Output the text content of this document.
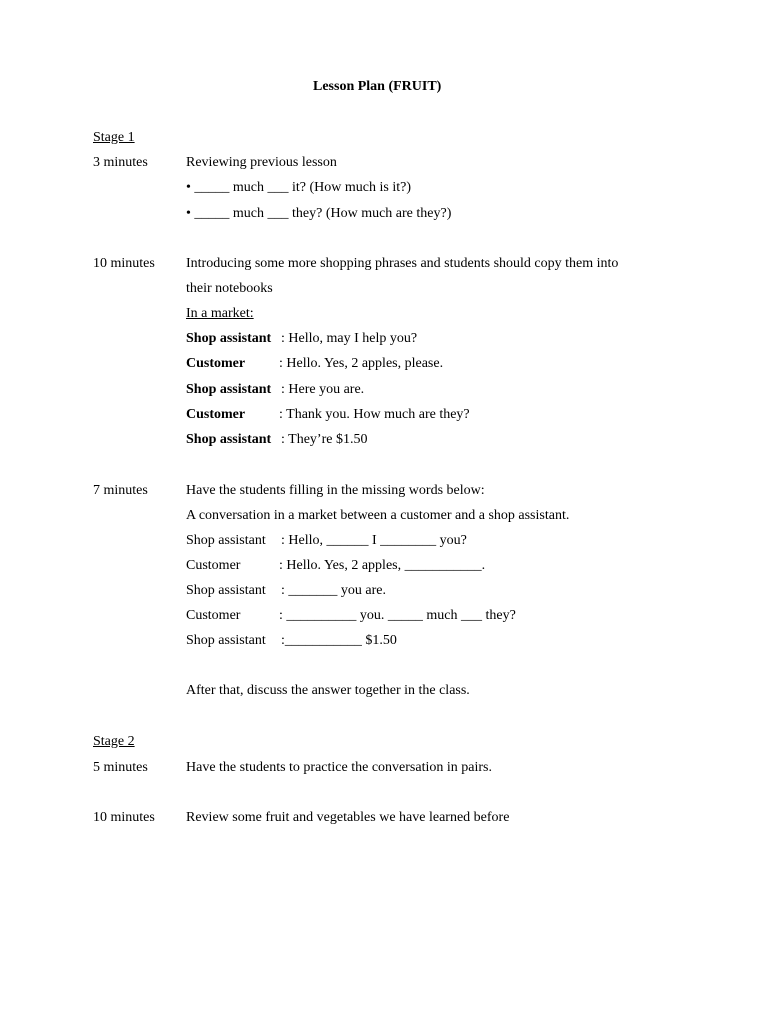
Lesson Plan (FRUIT)
Stage 1
3 minutes	Reviewing previous lesson
• _____ much ___ it? (How much is it?)
• _____ much ___ they? (How much are they?)
10 minutes Introducing some more shopping phrases and students should copy them into
their notebooks
In a market:
Shop assistant : Hello, may I help you?
Customer : Hello. Yes, 2 apples, please.
Shop assistant : Here you are.
Customer : Thank you. How much are they?
Shop assistant : They’re $1.50
7 minutes	Have the students filling in the missing words below:
A conversation in a market between a customer and a shop assistant.
Shop assistant : Hello, ______ I ________ you?
Customer	: Hello. Yes, 2 apples, ___________.
Shop assistant : _______ you are.
Customer	: __________ you. _____ much ___ they?
Shop assistant :___________ $1.50
After that, discuss the answer together in the class.
Stage 2
5 minutes	Have the students to practice the conversation in pairs.
10 minutes Review some fruit and vegetables we have learned before
